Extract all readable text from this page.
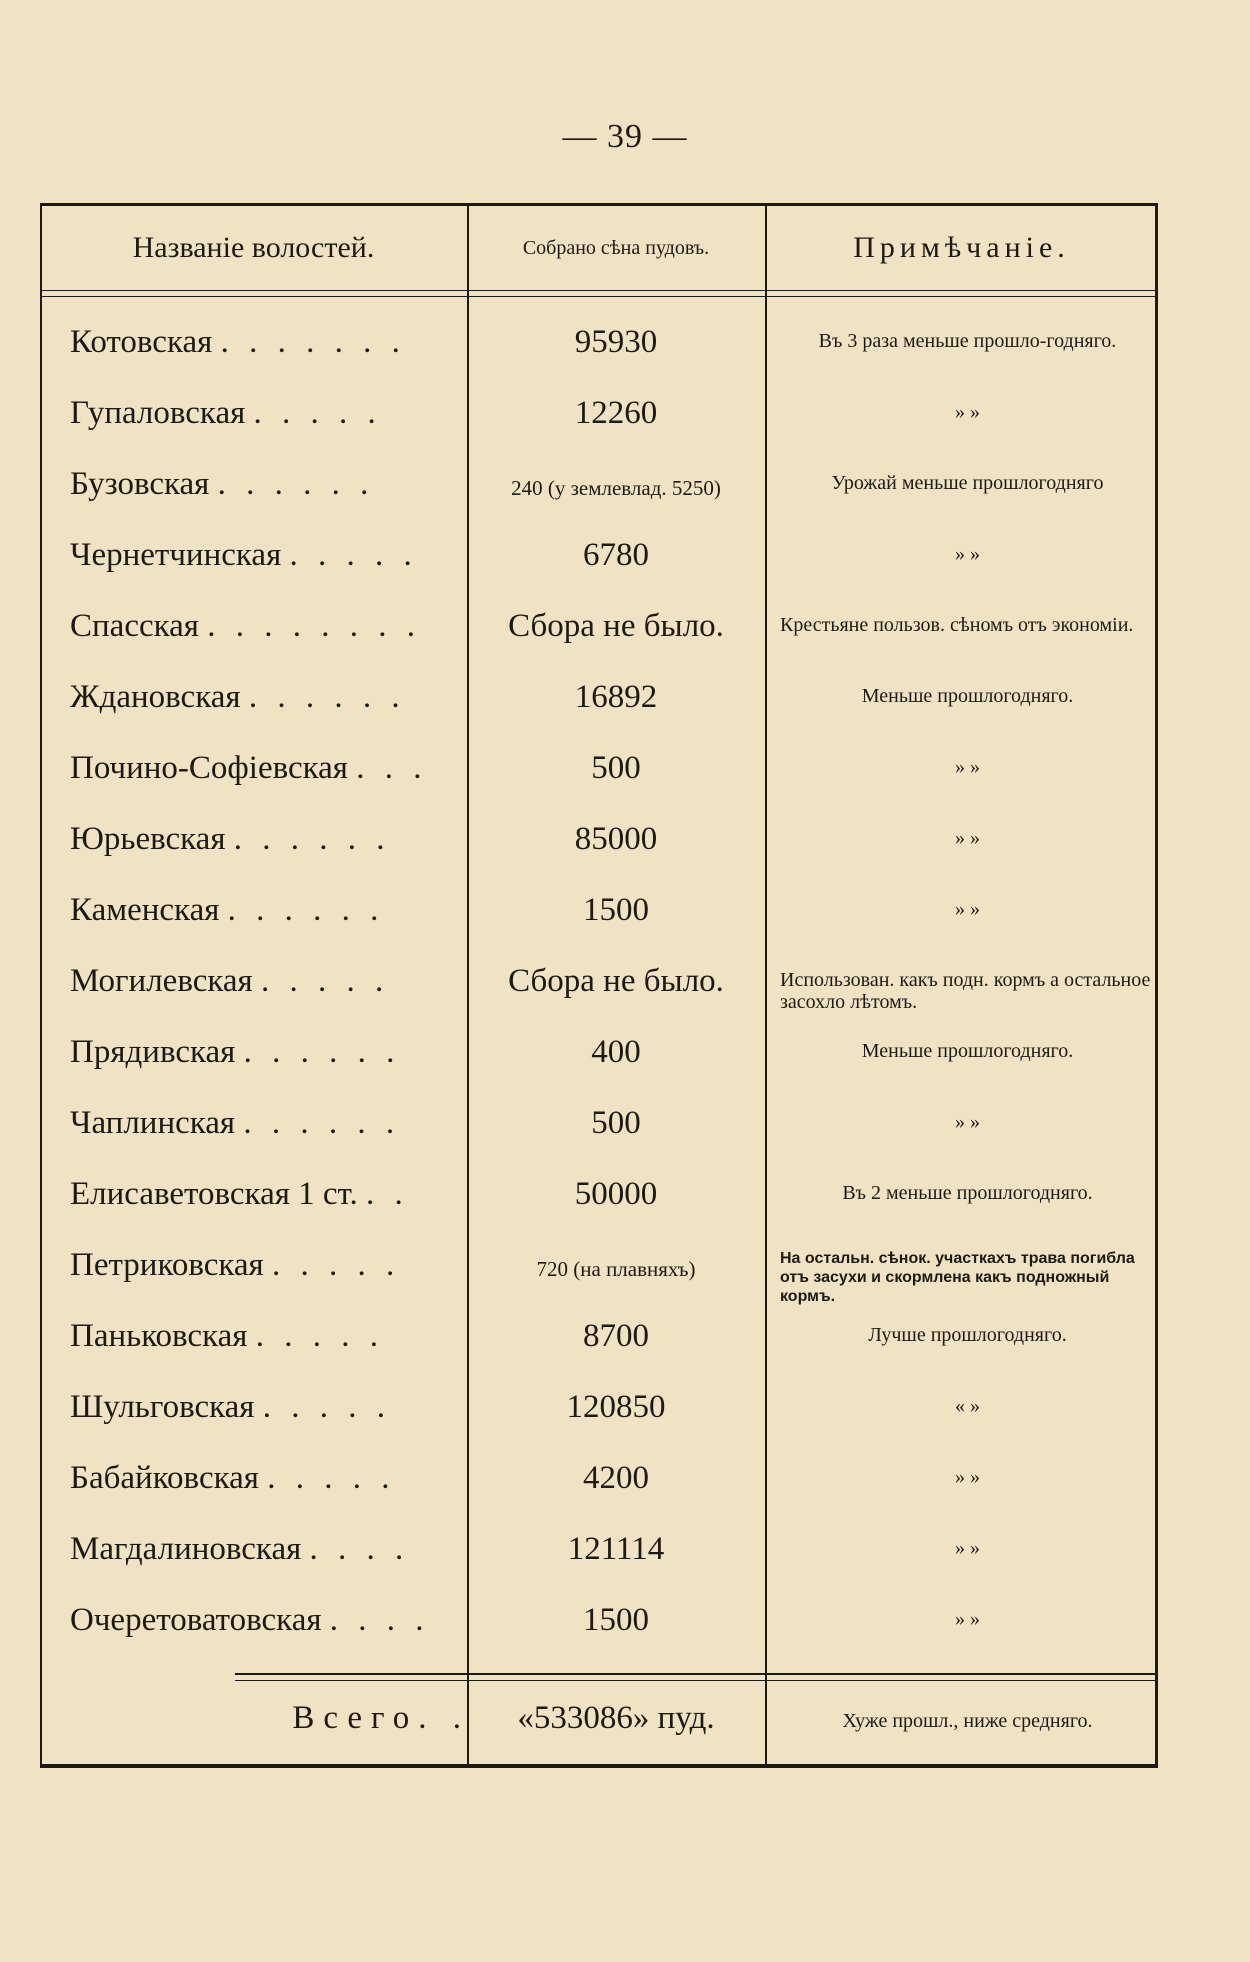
— 39 —
Названіе волостей.	Собрано сѣна пудовъ.	Примѣчаніе.
Котовская . . . . . . .	95930	Въ 3 раза меньше прошло-годняго.
Гупаловская . . . . .	12260	» »
Бузовская . . . . . .	240 (у землевлад. 5250)	Урожай меньше прошлогодняго
Чернетчинская . . . . .	6780	» »
Спасская . . . . . . . .	Сбора не было.	Крестьяне пользов. сѣномъ отъ экономіи.
Ждановская . . . . . .	16892	Меньше прошлогодняго.
Почино-Софіевская . . .	500	» »
Юрьевская . . . . . .	85000	» »
Каменская . . . . . .	1500	» »
Могилевская . . . . .	Сбора не было.	Использован. какъ подн. кормъ а остальное засохло лѣтомъ.
Прядивская . . . . . .	400	Меньше прошлогодняго.
Чаплинская . . . . . .	500	» »
Елисаветовская 1 ст. . .	50000	Въ 2 меньше прошлогодняго.
Петриковская . . . . .	720 (на плавняхъ)	На остальн. сѣнок. участкахъ трава погибла отъ засухи и скормлена какъ подножный кормъ.
Паньковская . . . . .	8700	Лучше прошлогодняго.
Шульговская . . . . .	120850	« »
Бабайковская . . . . .	4200	» »
Магдалиновская . . . .	121114	» »
Очеретоватовская . . . .	1500	» »
Всего. .	«533086» пуд.	Хуже прошл., ниже средняго.
